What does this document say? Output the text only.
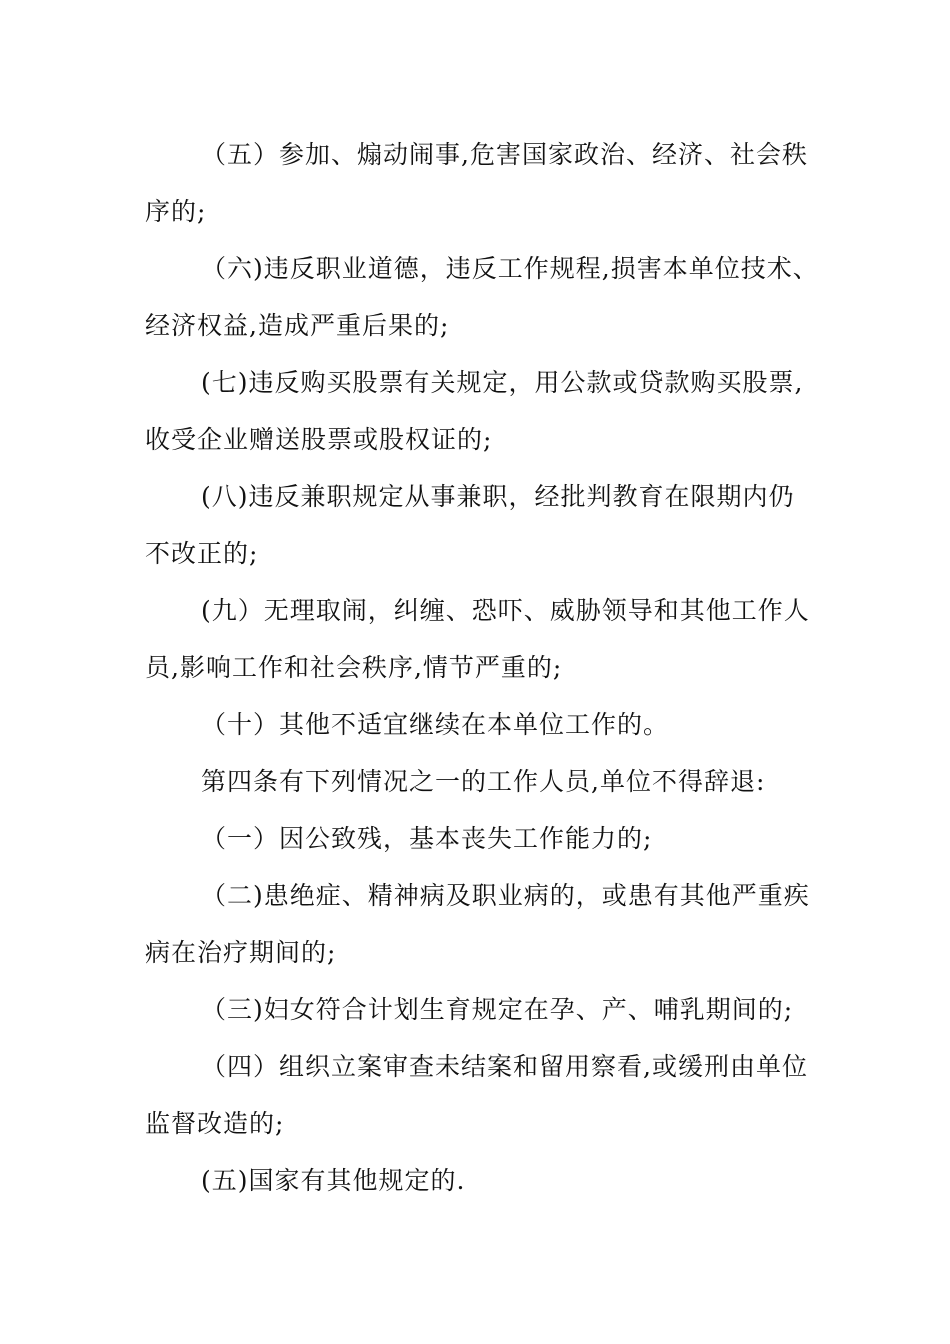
（五）参加、煽动闹事,危害国家政治、经济、社会秩
序的;

（六)违反职业道德，违反工作规程,损害本单位技术、
经济权益,造成严重后果的;

(七)违反购买股票有关规定，用公款或贷款购买股票,
收受企业赠送股票或股权证的;

(八)违反兼职规定从事兼职，经批判教育在限期内仍
不改正的;

(九）无理取闹，纠缠、恐吓、威胁领导和其他工作人
员,影响工作和社会秩序,情节严重的;

（十）其他不适宜继续在本单位工作的。

第四条有下列情况之一的工作人员,单位不得辞退:

（一）因公致残，基本丧失工作能力的;

（二)患绝症、精神病及职业病的，或患有其他严重疾
病在治疗期间的;

（三)妇女符合计划生育规定在孕、产、哺乳期间的;

（四）组织立案审查未结案和留用察看,或缓刑由单位
监督改造的;

(五)国家有其他规定的.
